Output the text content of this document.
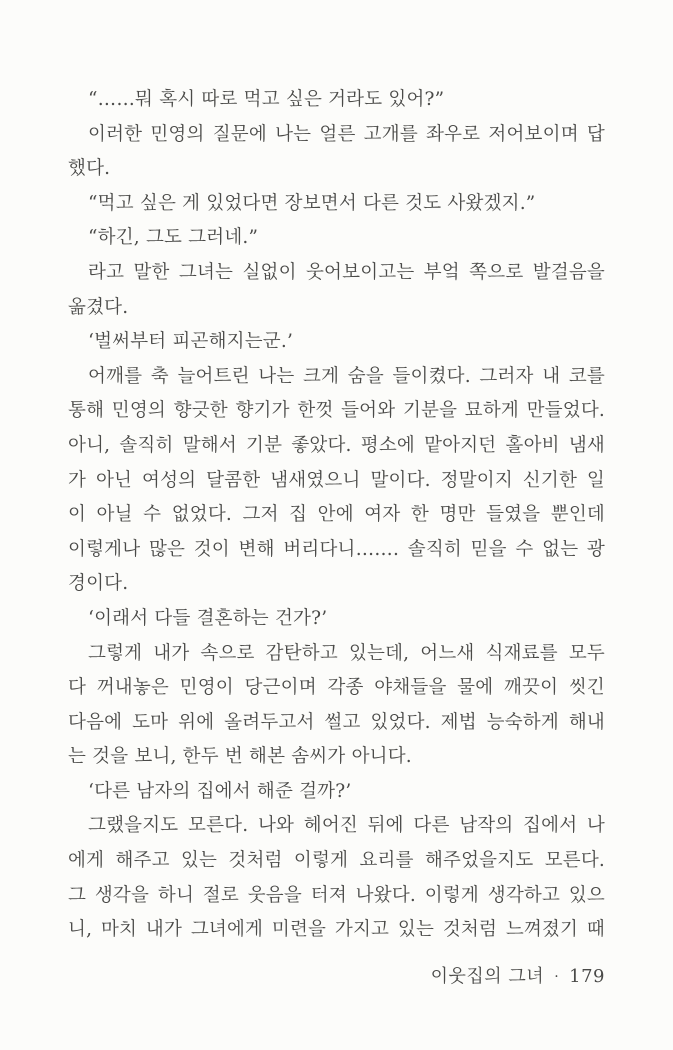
“……뭐 혹시 따로 먹고 싶은 거라도 있어?”
이러한 민영의 질문에 나는 얼른 고개를 좌우로 저어보이며 답
했다.
“먹고 싶은 게 있었다면 장보면서 다른 것도 사왔겠지.”
“하긴, 그도 그러네.”
라고 말한 그녀는 실없이 웃어보이고는 부엌 쪽으로 발걸음을
옮겼다.
‘벌써부터 피곤해지는군.’
어깨를 축 늘어트린 나는 크게 숨을 들이켰다. 그러자 내 코를
통해 민영의 향긋한 향기가 한껏 들어와 기분을 묘하게 만들었다.
아니, 솔직히 말해서 기분 좋았다. 평소에 맡아지던 홀아비 냄새
가 아닌 여성의 달콤한 냄새였으니 말이다. 정말이지 신기한 일
이 아닐 수 없었다. 그저 집 안에 여자 한 명만 들였을 뿐인데
이렇게나 많은 것이 변해 버리다니……. 솔직히 믿을 수 없는 광
경이다.
‘이래서 다들 결혼하는 건가?’
그렇게 내가 속으로 감탄하고 있는데, 어느새 식재료를 모두
다 꺼내놓은 민영이 당근이며 각종 야채들을 물에 깨끗이 씻긴
다음에 도마 위에 올려두고서 썰고 있었다. 제법 능숙하게 해내
는 것을 보니, 한두 번 해본 솜씨가 아니다.
‘다른 남자의 집에서 해준 걸까?’
그랬을지도 모른다. 나와 헤어진 뒤에 다른 남작의 집에서 나
에게 해주고 있는 것처럼 이렇게 요리를 해주었을지도 모른다.
그 생각을 하니 절로 웃음을 터져 나왔다. 이렇게 생각하고 있으
니, 마치 내가 그녀에게 미련을 가지고 있는 것처럼 느껴졌기 때
이웃집의 그녀 · 179
